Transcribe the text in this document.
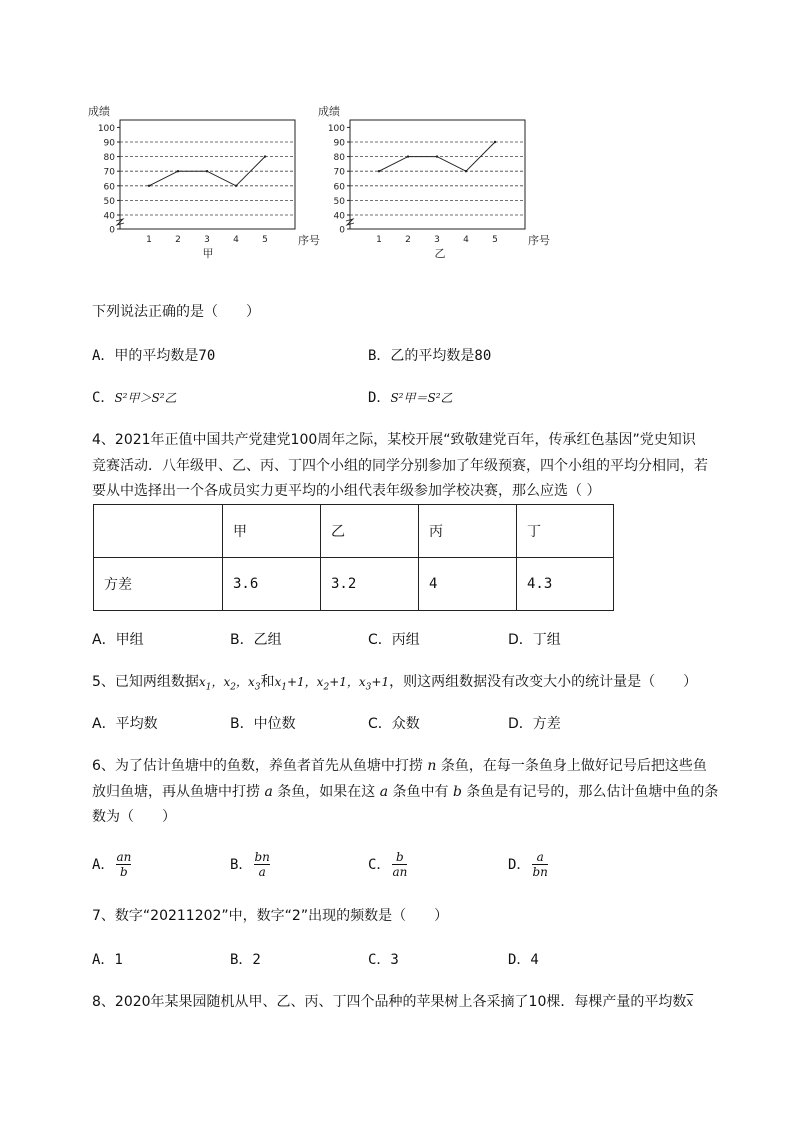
0
40
50
60
70
80
90
100
成绩
1	2	3	4	5	序号
甲
0
40
50
60
70
80
90
100
成绩
1	2	3	4	5	序号
乙
下列说法正确的是（　　）
A．甲的平均数是70	B．乙的平均数是80
C．S²甲＞S²乙	D．S²甲＝S²乙
4、2021年正值中国共产党建党100周年之际，某校开展“致敬建党百年，传承红色基因”党史知识
竞赛活动．八年级甲、乙、丙、丁四个小组的同学分别参加了年级预赛，四个小组的平均分相同，若
要从中选择出一个各成员实力更平均的小组代表年级参加学校决赛，那么应选（ ）
	甲	乙	丙	丁
方差	3.6	3.2	4	4.3
A．甲组	B．乙组	C．丙组	D．丁组
5、已知两组数据$x_1$，$x_2$，$x_3$和$x_1+1$，$x_2+1$，$x_3+1$，则这两组数据没有改变大小的统计量是（　　）
A．平均数	B．中位数	C．众数	D．方差
6、为了估计鱼塘中的鱼数，养鱼者首先从鱼塘中打捞 n 条鱼，在每一条鱼身上做好记号后把这些鱼
放归鱼塘，再从鱼塘中打捞 a 条鱼，如果在这 a 条鱼中有 b 条鱼是有记号的，那么估计鱼塘中鱼的条
数为（　　）
A． an
b	B． bn
a	C． b
an	D． a
bn
7、数字“20211202”中，数字“2”出现的频数是（　　）
A．1	B．2	C．3	D．4
8、2020年某果园随机从甲、乙、丙、丁四个品种的苹果树上各采摘了10棵．每棵产量的平均数$\overline{x}$
